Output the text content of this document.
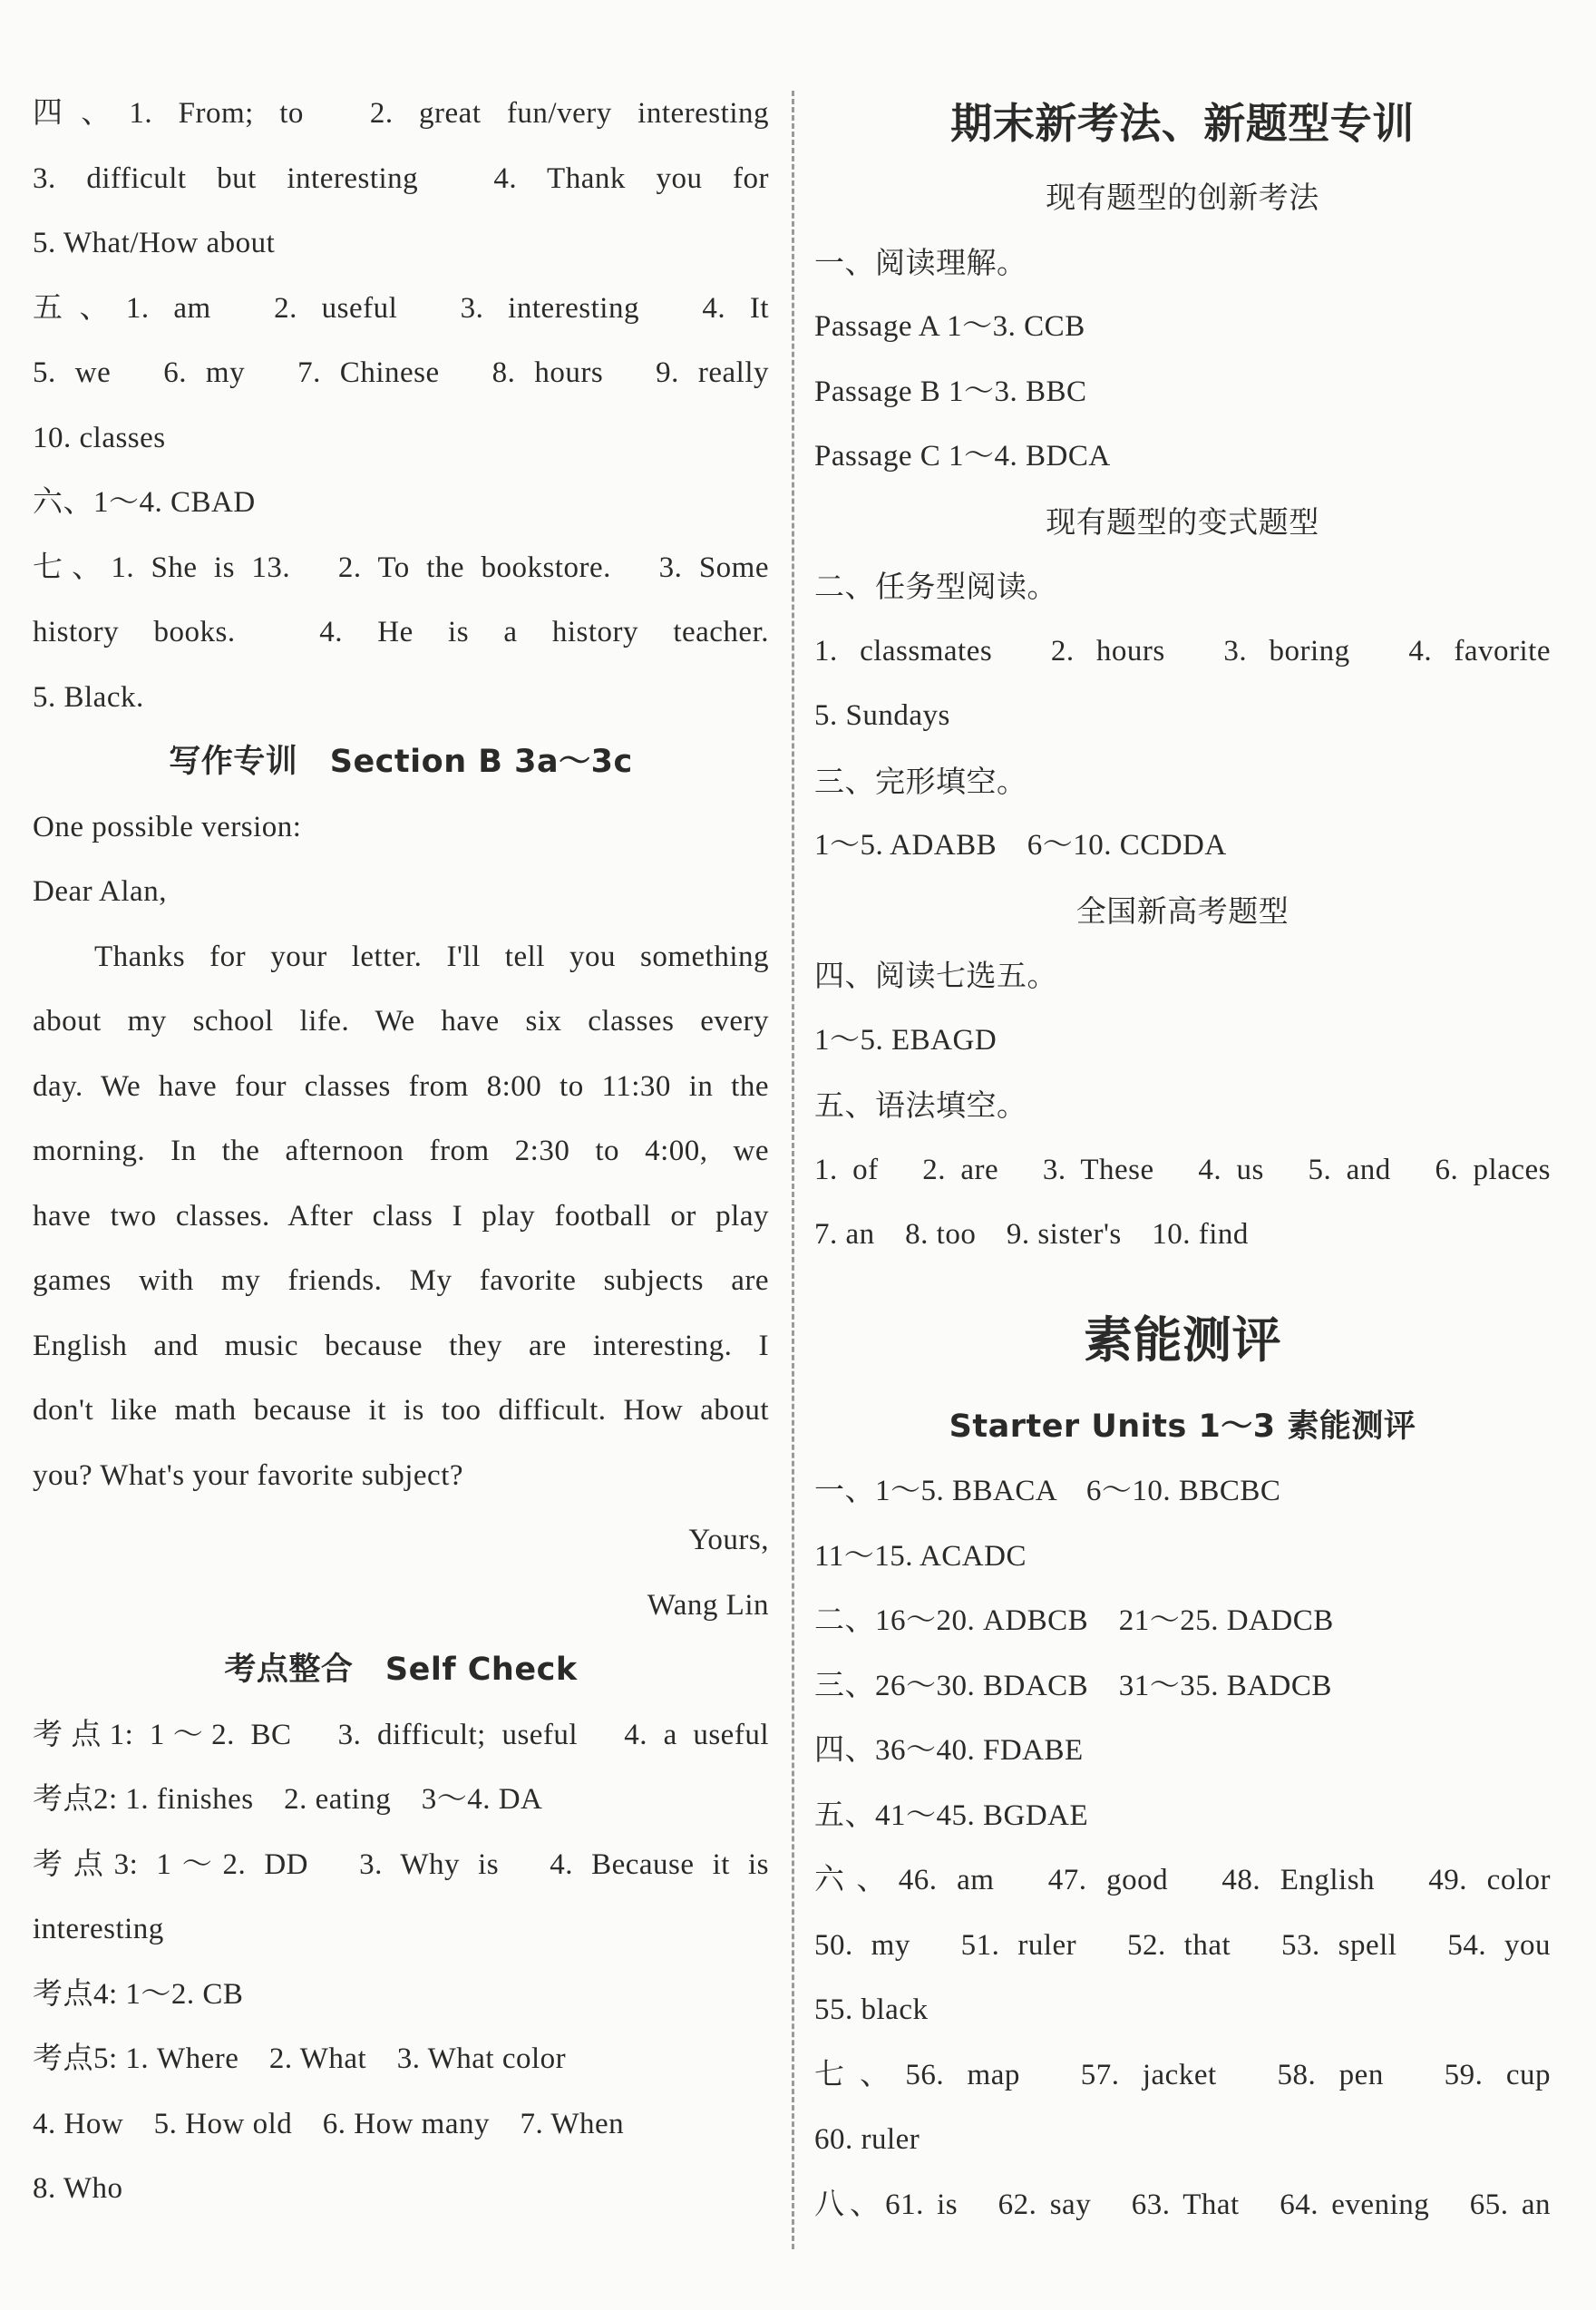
四、1. From; to　2. great fun/very interesting
3. difficult but interesting　4. Thank you for
5. What/How about
五、1. am　2. useful　3. interesting　4. It
5. we　6. my　7. Chinese　8. hours　9. really
10. classes
六、1～4. CBAD
七、1. She is 13.　2. To the bookstore.　3. Some
history books.　4. He is a history teacher.
5. Black.
写作专训　Section B 3a～3c
One possible version:
Dear Alan,
Thanks for your letter. I'll tell you something
about my school life. We have six classes every
day. We have four classes from 8:00 to 11:30 in the
morning. In the afternoon from 2:30 to 4:00, we
have two classes. After class I play football or play
games with my friends. My favorite subjects are
English and music because they are interesting. I
don't like math because it is too difficult. How about
you? What's your favorite subject?
Yours,
Wang Lin
考点整合　Self Check
考点1: 1～2. BC　3. difficult; useful　4. a useful
考点2: 1. finishes　2. eating　3～4. DA
考点3: 1～2. DD　3. Why is　4. Because it is
interesting
考点4: 1～2. CB
考点5: 1. Where　2. What　3. What color
4. How　5. How old　6. How many　7. When
8. Who
期末新考法、新题型专训
现有题型的创新考法
一、阅读理解。
Passage A 1～3. CCB
Passage B 1～3. BBC
Passage C 1～4. BDCA
现有题型的变式题型
二、任务型阅读。
1. classmates　2. hours　3. boring　4. favorite
5. Sundays
三、完形填空。
1～5. ADABB　6～10. CCDDA
全国新高考题型
四、阅读七选五。
1～5. EBAGD
五、语法填空。
1. of　2. are　3. These　4. us　5. and　6. places
7. an　8. too　9. sister's　10. find
素能测评
Starter Units 1～3 素能测评
一、1～5. BBACA　6～10. BBCBC
11～15. ACADC
二、16～20. ADBCB　21～25. DADCB
三、26～30. BDACB　31～35. BADCB
四、36～40. FDABE
五、41～45. BGDAE
六、46. am　47. good　48. English　49. color
50. my　51. ruler　52. that　53. spell　54. you
55. black
七、56. map　57. jacket　58. pen　59. cup
60. ruler
八、61. is　62. say　63. That　64. evening　65. an
